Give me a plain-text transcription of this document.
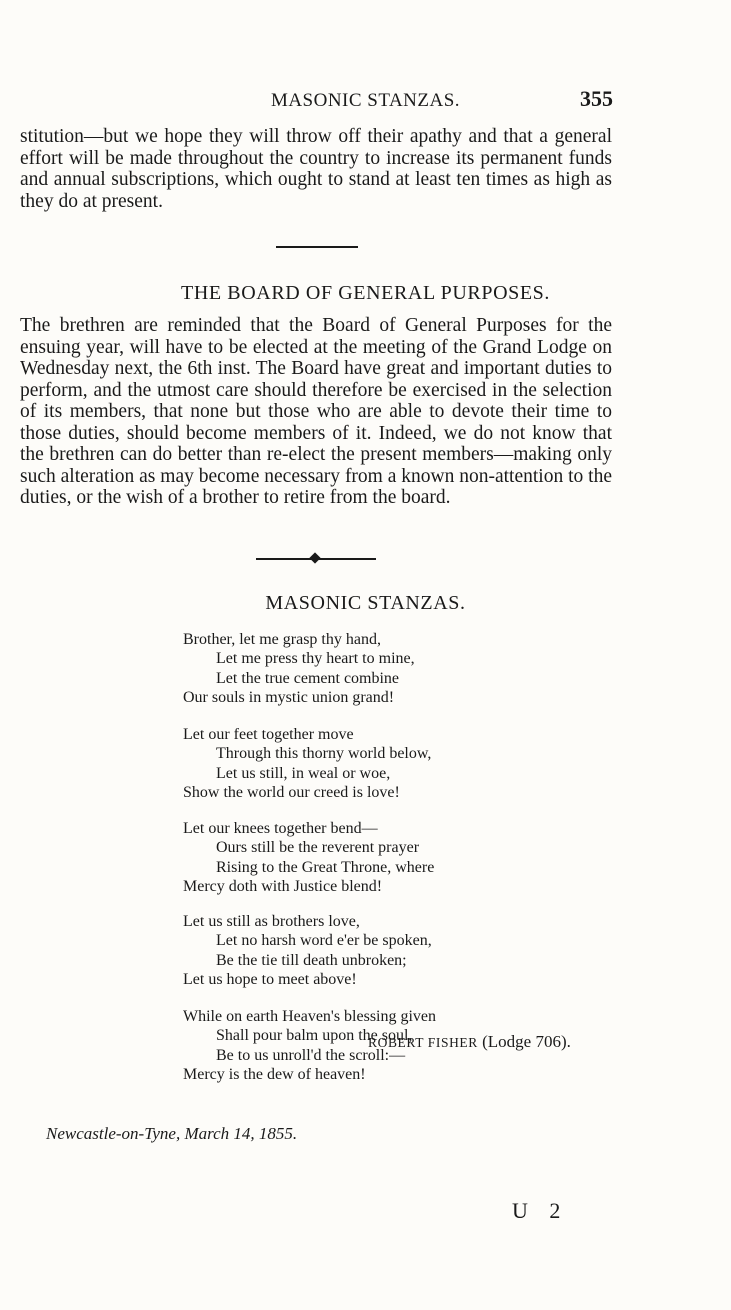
MASONIC STANZAS.	355

stitution—but we hope they will throw off their apathy and that a general effort will be made throughout the country to increase its permanent funds and annual subscriptions, which ought to stand at least ten times as high as they do at present.

THE BOARD OF GENERAL PURPOSES.

The brethren are reminded that the Board of General Purposes for the ensuing year, will have to be elected at the meeting of the Grand Lodge on Wednesday next, the 6th inst. The Board have great and important duties to perform, and the utmost care should therefore be exercised in the selection of its members, that none but those who are able to devote their time to those duties, should become members of it. Indeed, we do not know that the brethren can do better than re-elect the present members—making only such alteration as may become necessary from a known non-attention to the duties, or the wish of a brother to retire from the board.

MASONIC STANZAS.
Brother, let me grasp thy hand,
Let me press thy heart to mine,
Let the true cement combine
Our souls in mystic union grand!
Let our feet together move
Through this thorny world below,
Let us still, in weal or woe,
Show the world our creed is love!
Let our knees together bend—
Ours still be the reverent prayer
Rising to the Great Throne, where
Mercy doth with Justice blend!
Let us still as brothers love,
Let no harsh word e'er be spoken,
Be the tie till death unbroken;
Let us hope to meet above!
While on earth Heaven's blessing given
Shall pour balm upon the soul,
Be to us unroll'd the scroll:—
Mercy is the dew of heaven!
ROBERT FISHER (Lodge 706).
Newcastle-on-Tyne, March 14, 1855.
U 2
